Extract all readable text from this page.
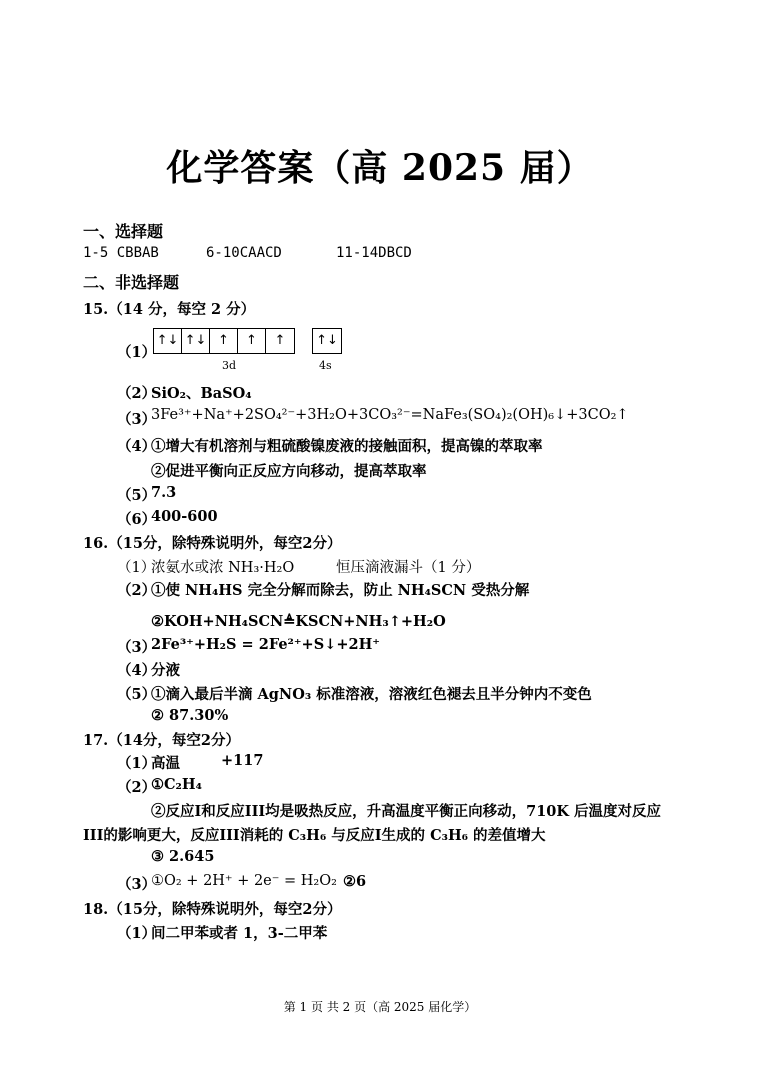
化学答案（高 2025 届）
一、选择题
1-5 CBBAB	6-10CAACD	11-14DBCD
二、非选择题
15.（14 分，每空 2 分）
（1）
↑↓ ↑↓ ↑	↑	↑	↑↓
3d	4s
（2）
SiO₂、BaSO₄
（3）
3Fe³⁺+Na⁺+2SO₄²⁻+3H₂O+3CO₃²⁻=NaFe₃(SO₄)₂(OH)₆↓+3CO₂↑
（4）
①增大有机溶剂与粗硫酸镍废液的接触面积，提高镍的萃取率
②促进平衡向正反应方向移动，提高萃取率
（5）
7.3
（6）
400-600
16.（15分，除特殊说明外，每空2分）
（1）
浓氨水或浓 NH₃·H₂O	恒压滴液漏斗（1 分）
（2）
①使 NH₄HS 完全分解而除去，防止 NH₄SCN 受热分解
②KOH+NH₄SCN≜KSCN+NH₃↑+H₂O
（3）
2Fe³⁺+H₂S = 2Fe²⁺+S↓+2H⁺
（4）
分液
（5）
①滴入最后半滴 AgNO₃ 标准溶液，溶液红色褪去且半分钟内不变色
② 87.30%
17.（14分，每空2分）
（1）
高温	+117
（2）
①C₂H₄
②反应I和反应III均是吸热反应，升高温度平衡正向移动，710K 后温度对反应
III的影响更大，反应III消耗的 C₃H₆ 与反应I生成的 C₃H₆ 的差值增大
③ 2.645
（3）
①O₂ + 2H⁺ + 2e⁻ = H₂O₂ ②6
18.（15分，除特殊说明外，每空2分）
（1）
间二甲苯或者 1，3-二甲苯
第 1 页 共 2 页（高 2025 届化学）
